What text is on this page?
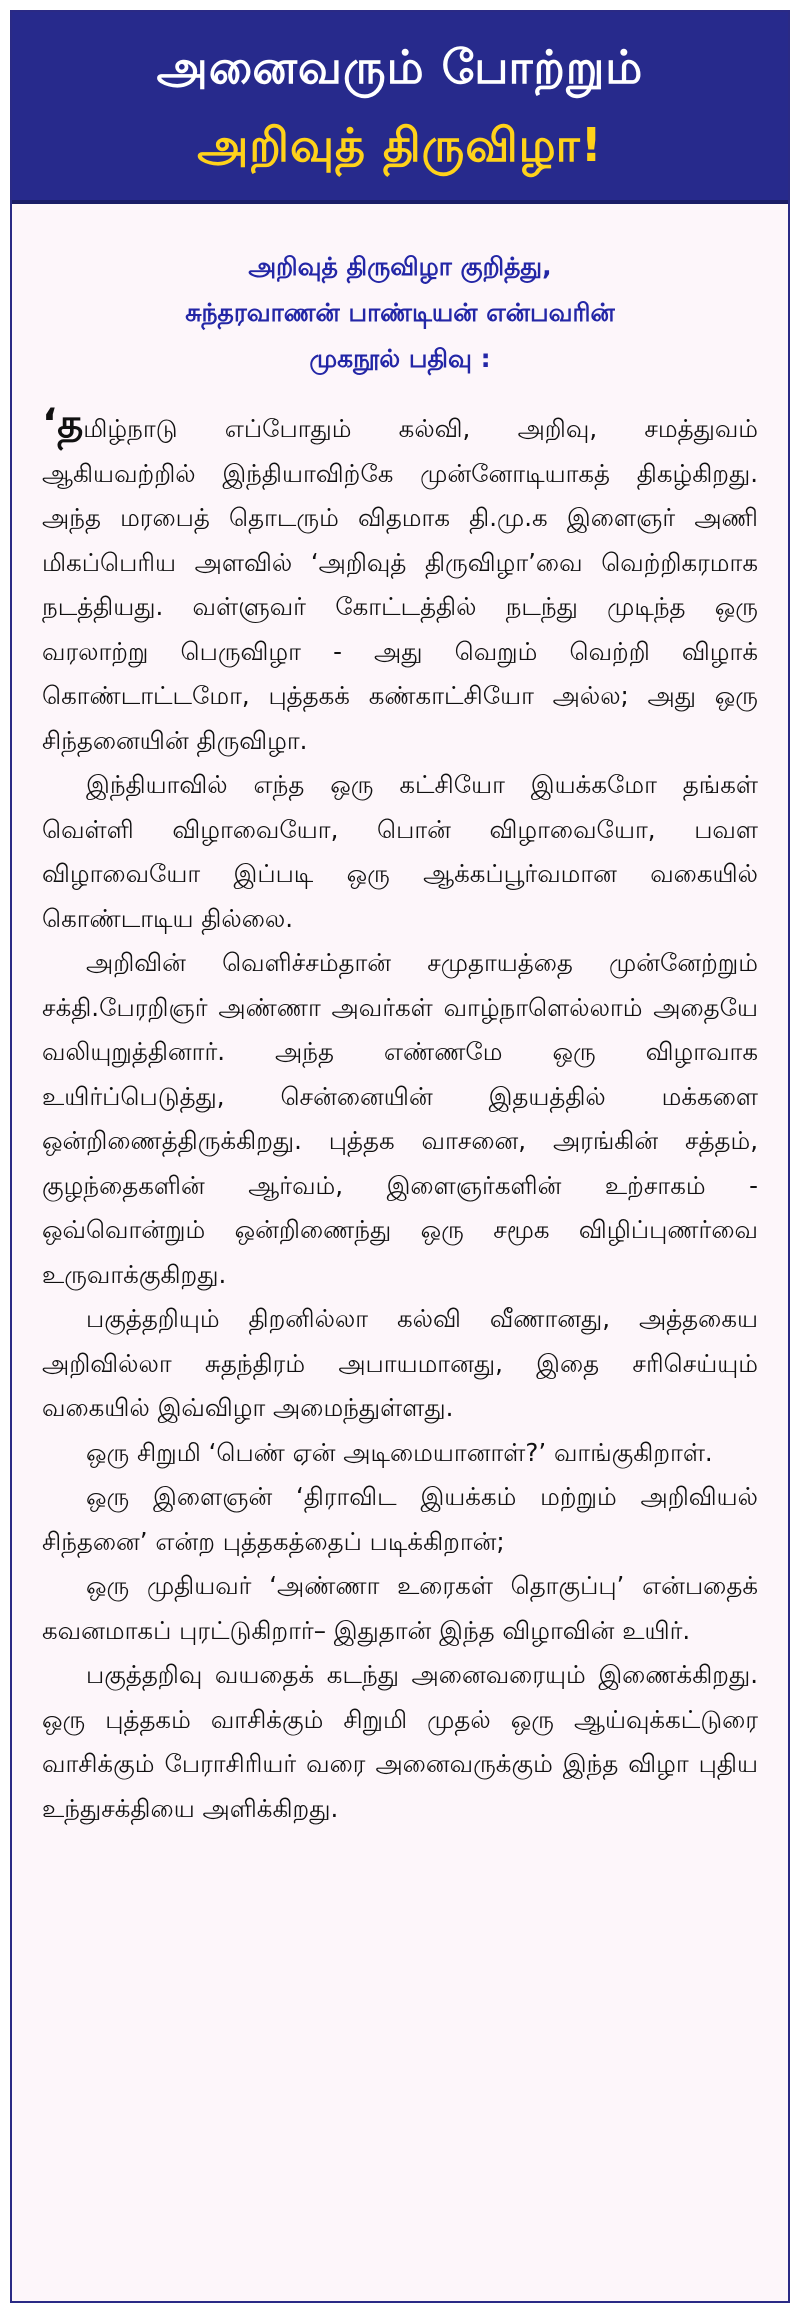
அனைவரும் போற்றும்
அறிவுத் திருவிழா!
அறிவுத் திருவிழா குறித்து,
சுந்தரவாணன் பாண்டியன் என்பவரின்
முகநூல் பதிவு :

‘தமிழ்நாடு எப்போதும் கல்வி, அறிவு, சமத்துவம் ஆகியவற்றில் இந்தியாவிற்கே முன்னோடியாகத் திகழ்கிறது. அந்த மரபைத் தொடரும் விதமாக தி.மு.க இளைஞர் அணி மிகப்பெரிய அளவில் ‘அறிவுத் திருவிழா’வை வெற்றிகரமாக நடத்தியது. வள்ளுவர் கோட்டத்தில் நடந்து முடிந்த ஒரு வரலாற்று பெருவிழா - அது வெறும் வெற்றி விழாக் கொண்டாட்டமோ, புத்தகக் கண்காட்சியோ அல்ல; அது ஒரு சிந்தனையின் திருவிழா.

இந்தியாவில் எந்த ஒரு கட்சியோ இயக்கமோ தங்கள் வெள்ளி விழாவையோ, பொன் விழாவையோ, பவள விழாவையோ இப்படி ஒரு ஆக்கப்பூர்வமான வகையில் கொண்டாடிய தில்லை.

அறிவின் வெளிச்சம்தான் சமுதாயத்தை முன்னேற்றும் சக்தி.பேரறிஞர் அண்ணா அவர்கள் வாழ்நாளெல்லாம் அதையே வலியுறுத்தினார். அந்த எண்ணமே ஒரு விழாவாக உயிர்ப்பெடுத்து, சென்னையின் இதயத்தில் மக்களை ஒன்றிணைத்திருக்கிறது. புத்தக வாசனை, அரங்கின் சத்தம், குழந்தைகளின் ஆர்வம், இளைஞர்களின் உற்சாகம் - ஒவ்வொன்றும் ஒன்றிணைந்து ஒரு சமூக விழிப்புணர்வை உருவாக்குகிறது.

பகுத்தறியும் திறனில்லா கல்வி வீணானது, அத்தகைய அறிவில்லா சுதந்திரம் அபாயமானது, இதை சரிசெய்யும் வகையில் இவ்விழா அமைந்துள்ளது.

ஒரு சிறுமி ‘பெண் ஏன் அடிமையானாள்?’ வாங்குகிறாள்.

ஒரு இளைஞன் ‘திராவிட இயக்கம் மற்றும் அறிவியல் சிந்தனை’ என்ற புத்தகத்தைப் படிக்கிறான்;

ஒரு முதியவர் ‘அண்ணா உரைகள் தொகுப்பு’ என்பதைக் கவனமாகப் புரட்டுகிறார்– இதுதான் இந்த விழாவின் உயிர்.

பகுத்தறிவு வயதைக் கடந்து அனைவரையும் இணைக்கிறது. ஒரு புத்தகம் வாசிக்கும் சிறுமி முதல் ஒரு ஆய்வுக்கட்டுரை வாசிக்கும் பேராசிரியர் வரை அனைவருக்கும் இந்த விழா புதிய உந்துசக்தியை அளிக்கிறது.
